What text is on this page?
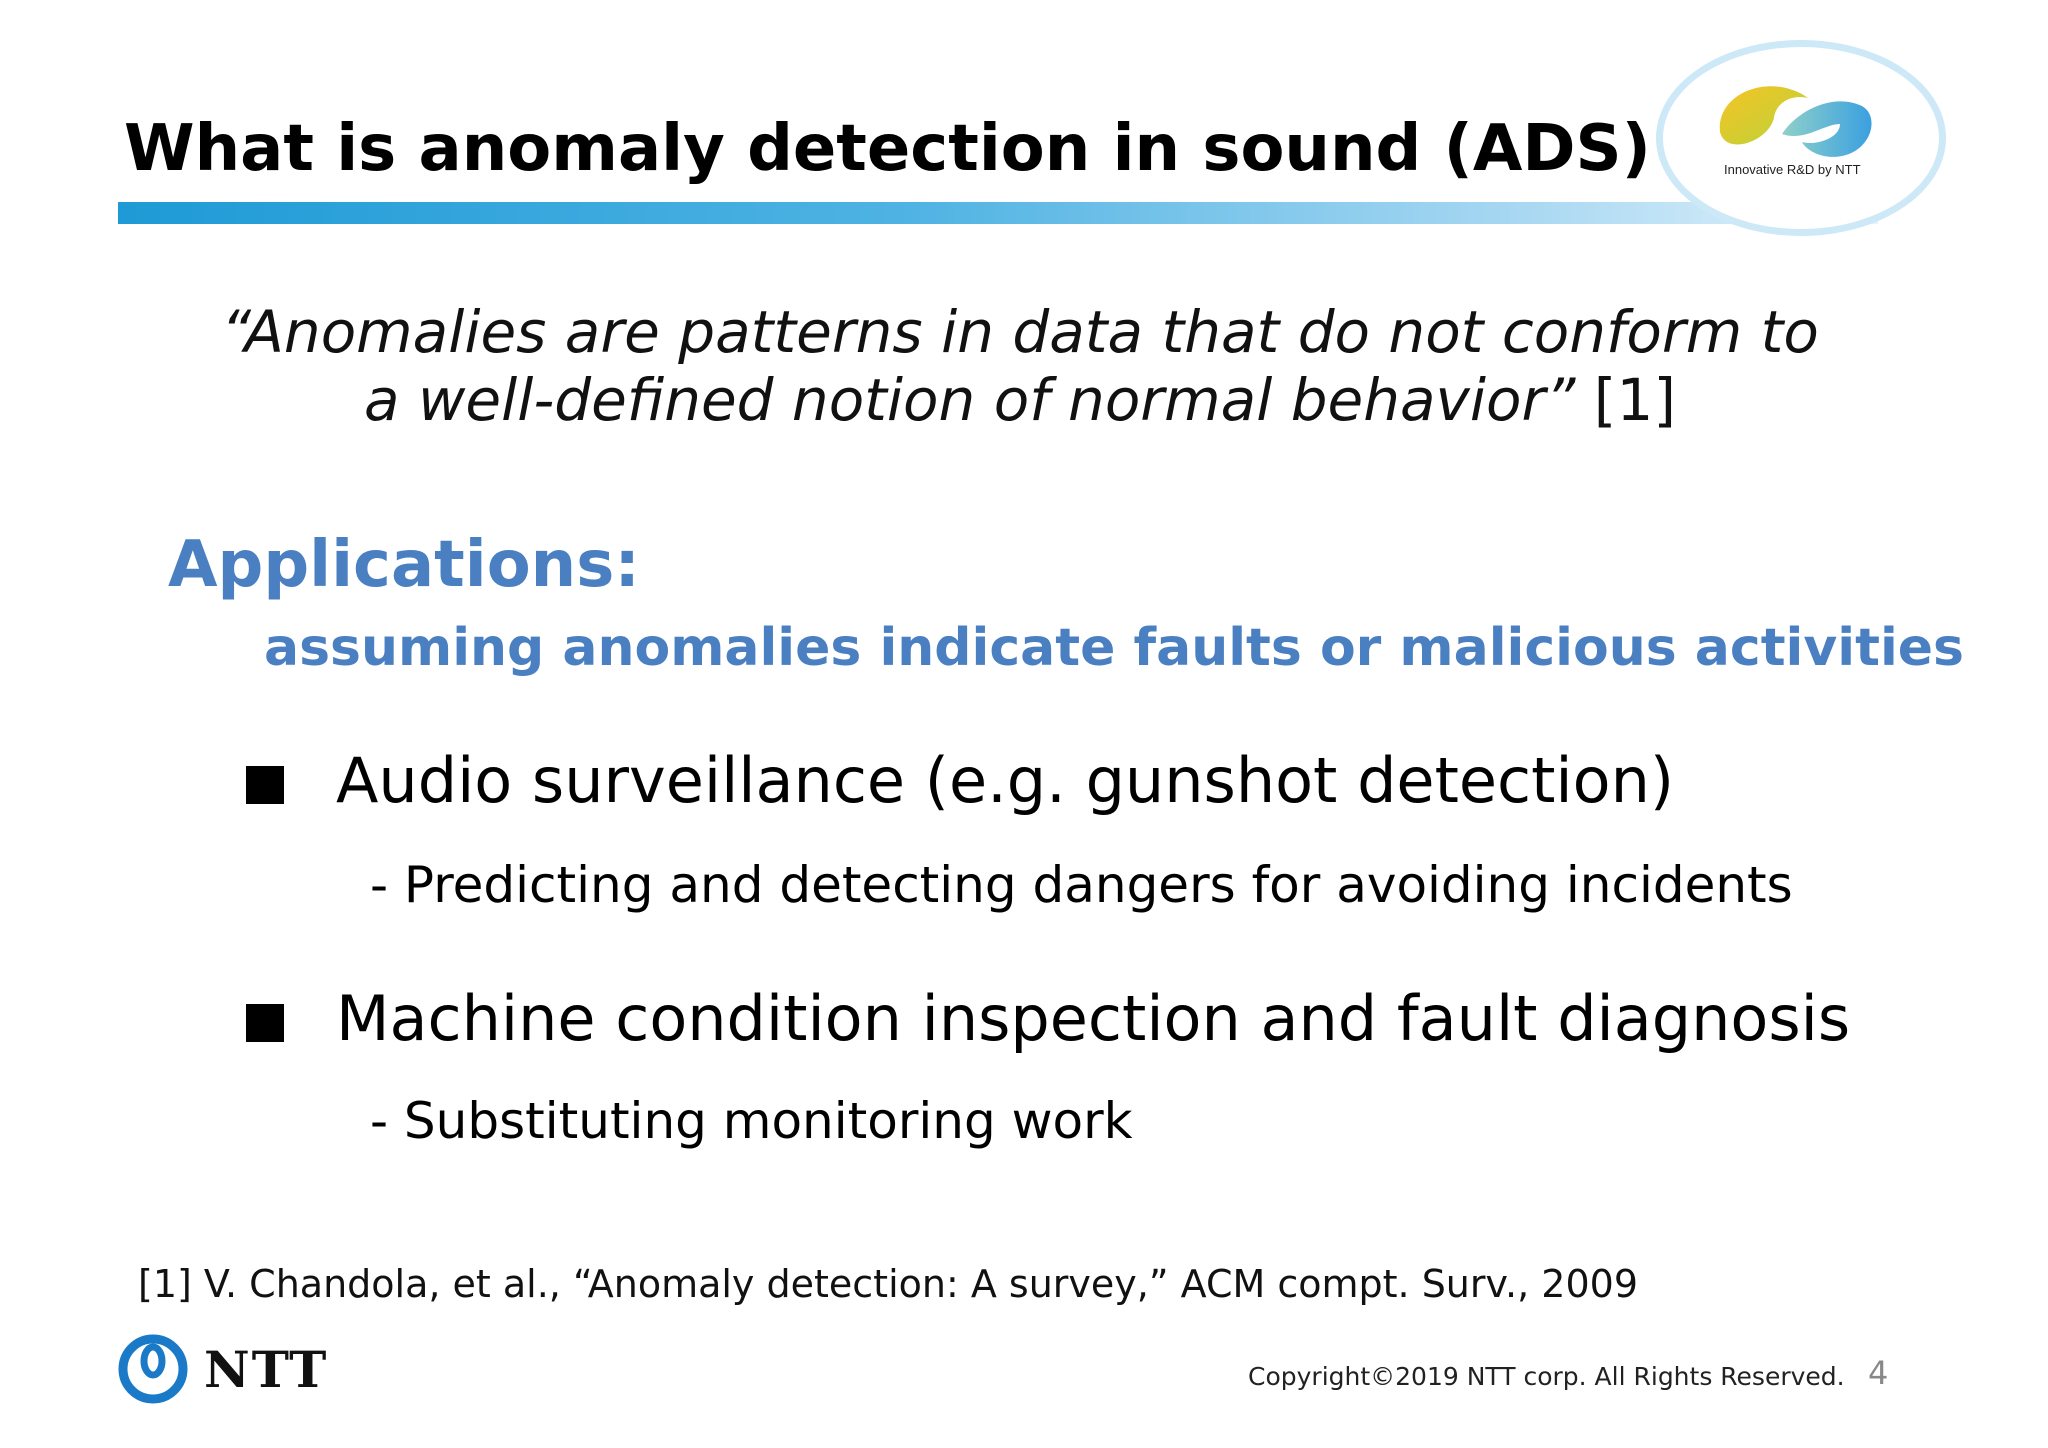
What is anomaly detection in sound (ADS)	Innovative R&D by NTT
“Anomalies are patterns in data that do not conform to
a well-defined notion of normal behavior” [1]
Applications:
assuming anomalies indicate faults or malicious activities
Audio surveillance (e.g. gunshot detection)
- Predicting and detecting dangers for avoiding incidents
Machine condition inspection and fault diagnosis
- Substituting monitoring work
[1] V. Chandola, et al., “Anomaly detection: A survey,” ACM compt. Surv., 2009
NTT	Copyright©2019 NTT corp. All Rights Reserved. 4
